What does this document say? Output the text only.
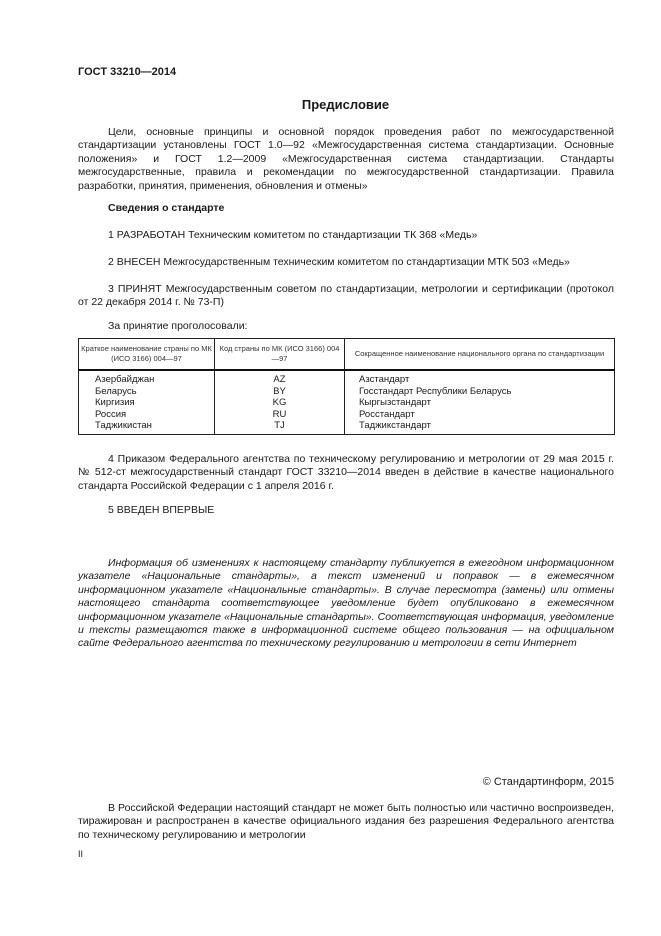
ГОСТ 33210—2014
Предисловие

Цели, основные принципы и основной порядок проведения работ по межгосударственной стандартизации установлены ГОСТ 1.0—92 «Межгосударственная система стандартизации. Основные положения» и ГОСТ 1.2—2009 «Межгосударственная система стандартизации. Стандарты межгосударственные, правила и рекомендации по межгосударственной стандартизации. Правила разработки, принятия, применения, обновления и отмены»

Сведения о стандарте
1 РАЗРАБОТАН Техническим комитетом по стандартизации ТК 368 «Медь»
2 ВНЕСЕН Межгосударственным техническим комитетом по стандартизации МТК 503 «Медь»

3 ПРИНЯТ Межгосударственным советом по стандартизации, метрологии и сертификации (протокол от 22 декабря 2014 г. № 73-П)

За принятие проголосовали:
Краткое наименование страны по МК (ИСО 3166) 004—97	Код страны по МК (ИСО 3166) 004—97	Сокращенное наименование национального органа по стандартизации
Азербайджан	AZ	Азстандарт
Беларусь	BY	Госстандарт Республики Беларусь
Киргизия	KG	Кыргызстандарт
Россия	RU	Росстандарт
Таджикистан	TJ	Таджикстандарт

4 Приказом Федерального агентства по техническому регулированию и метрологии от 29 мая 2015 г. № 512-ст межгосударственный стандарт ГОСТ 33210—2014 введен в действие в качестве национального стандарта Российской Федерации с 1 апреля 2016 г.

5 ВВЕДЕН ВПЕРВЫЕ

Информация об изменениях к настоящему стандарту публикуется в ежегодном информационном указателе «Национальные стандарты», а текст изменений и поправок — в ежемесячном информационном указателе «Национальные стандарты». В случае пересмотра (замены) или отмены настоящего стандарта соответствующее уведомление будет опубликовано в ежемесячном информационном указателе «Национальные стандарты». Соответствующая информация, уведомление и тексты размещаются также в информационной системе общего пользования — на официальном сайте Федерального агентства по техническому регулированию и метрологии в сети Интернет

© Стандартинформ, 2015

В Российской Федерации настоящий стандарт не может быть полностью или частично воспроизведен, тиражирован и распространен в качестве официального издания без разрешения Федерального агентства по техническому регулированию и метрологии

II
